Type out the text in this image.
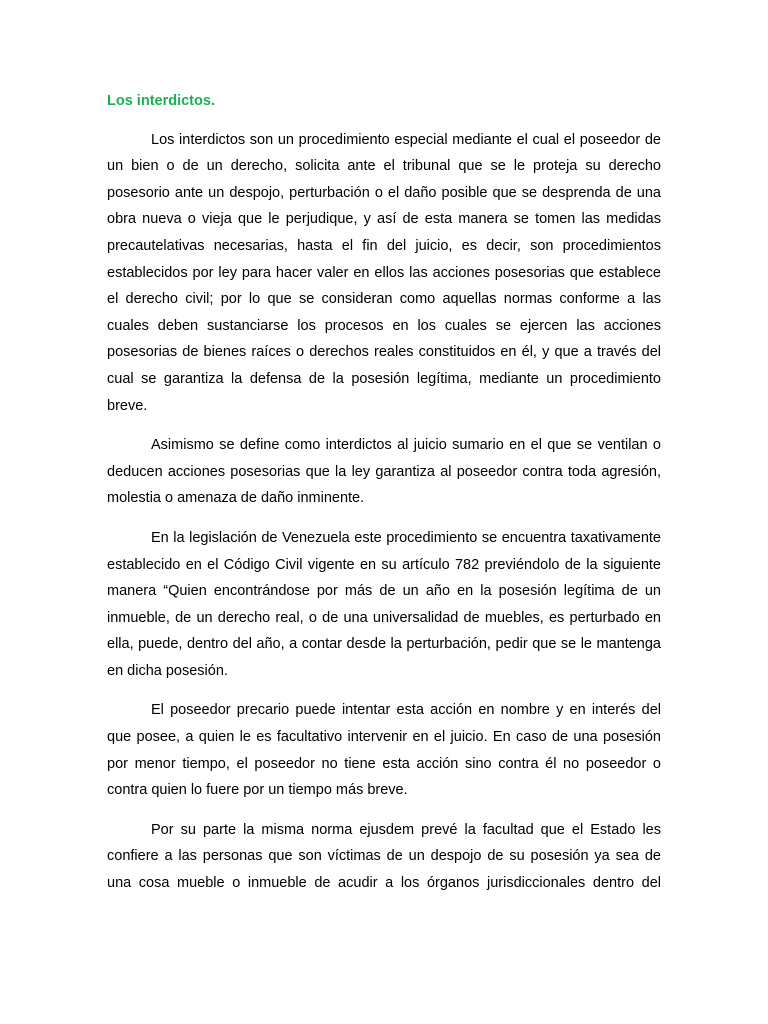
Los interdictos.

Los interdictos son un procedimiento especial mediante el cual el poseedor de un bien o de un derecho, solicita ante el tribunal que se le proteja su derecho posesorio ante un despojo, perturbación o el daño posible que se desprenda de una obra nueva o vieja que le perjudique, y así de esta manera se tomen las medidas precautelativas necesarias, hasta el fin del juicio, es decir, son procedimientos establecidos por ley para hacer valer en ellos las acciones posesorias que establece el derecho civil; por lo que se consideran como aquellas normas conforme a las cuales deben sustanciarse los procesos en los cuales se ejercen las acciones posesorias de bienes raíces o derechos reales constituidos en él, y que a través del cual se garantiza la defensa de la posesión legítima, mediante un procedimiento breve.

Asimismo se define como interdictos al juicio sumario en el que se ventilan o deducen acciones posesorias que la ley garantiza al poseedor contra toda agresión, molestia o amenaza de daño inminente.

En la legislación de Venezuela este procedimiento se encuentra taxativamente establecido en el Código Civil vigente en su artículo 782 previéndolo de la siguiente manera “Quien encontrándose por más de un año en la posesión legítima de un inmueble, de un derecho real, o de una universalidad de muebles, es perturbado en ella, puede, dentro del año, a contar desde la perturbación, pedir que se le mantenga en dicha posesión.

El poseedor precario puede intentar esta acción en nombre y en interés del que posee, a quien le es facultativo intervenir en el juicio. En caso de una posesión por menor tiempo, el poseedor no tiene esta acción sino contra él no poseedor o contra quien lo fuere por un tiempo más breve.

Por su parte la misma norma ejusdem prevé la facultad que el Estado les confiere a las personas que son víctimas de un despojo de su posesión ya sea de una cosa mueble o inmueble de acudir a los órganos jurisdiccionales dentro del
